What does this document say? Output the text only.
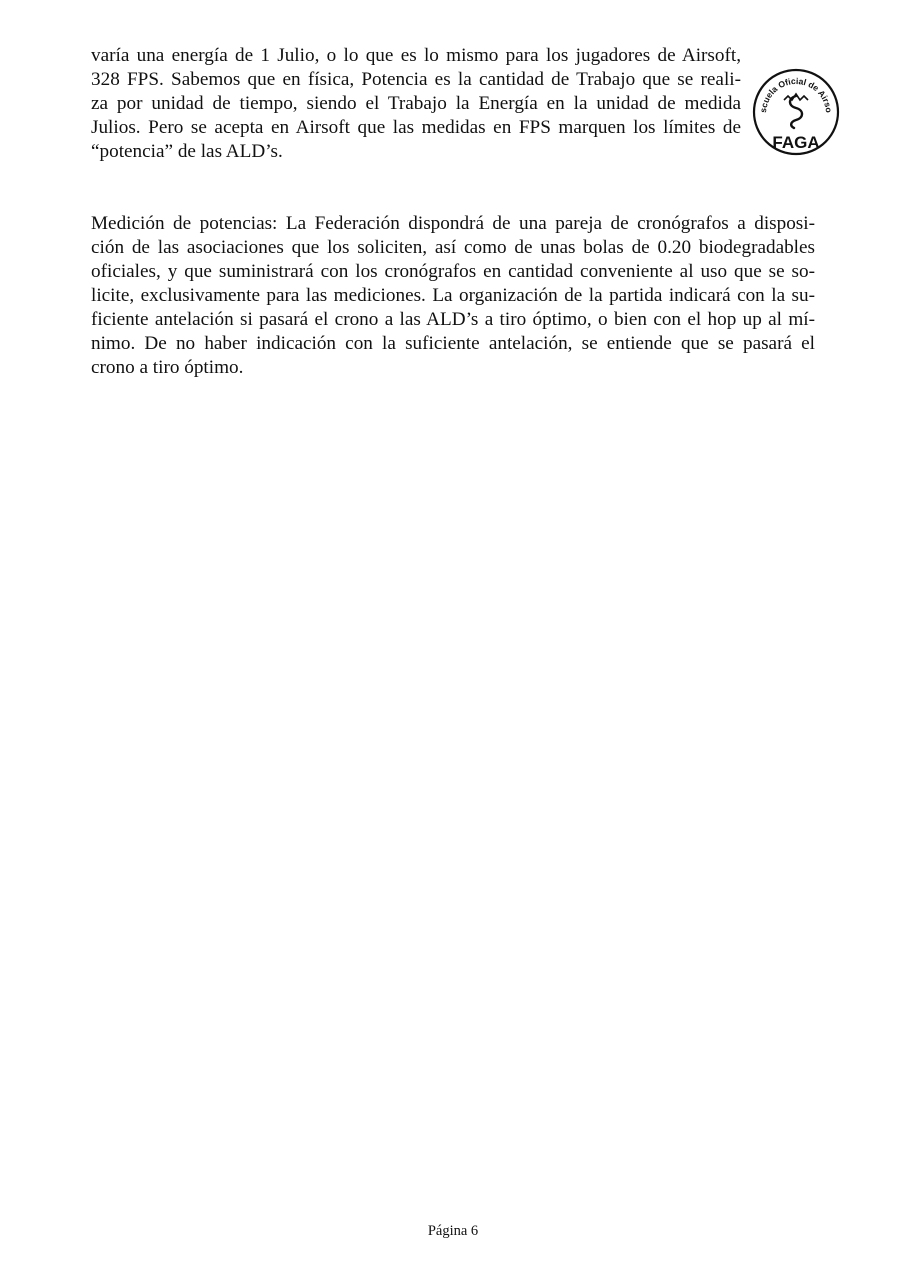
varía una energía de 1 Julio, o lo que es lo mismo para los jugadores de Airsoft,
328 FPS. Sabemos que en física, Potencia es la cantidad de Trabajo que se reali-
za por unidad de tiempo, siendo el Trabajo la Energía en la unidad de medida
Julios. Pero se acepta en Airsoft que las medidas en FPS marquen los límites de
“potencia” de las ALD’s.
scuela Oficial de Airso
FAGA
Medición de potencias: La Federación dispondrá de una pareja de cronógrafos a disposi-
ción de las asociaciones que los soliciten, así como de unas bolas de 0.20 biodegradables
oficiales, y que suministrará con los cronógrafos en cantidad conveniente al uso que se so-
licite, exclusivamente para las mediciones. La organización de la partida indicará con la su-
ficiente antelación si pasará el crono a las ALD’s a tiro óptimo, o bien con el hop up al mí-
nimo. De no haber indicación con la suficiente antelación, se entiende que se pasará el
crono a tiro óptimo.
Página 6
